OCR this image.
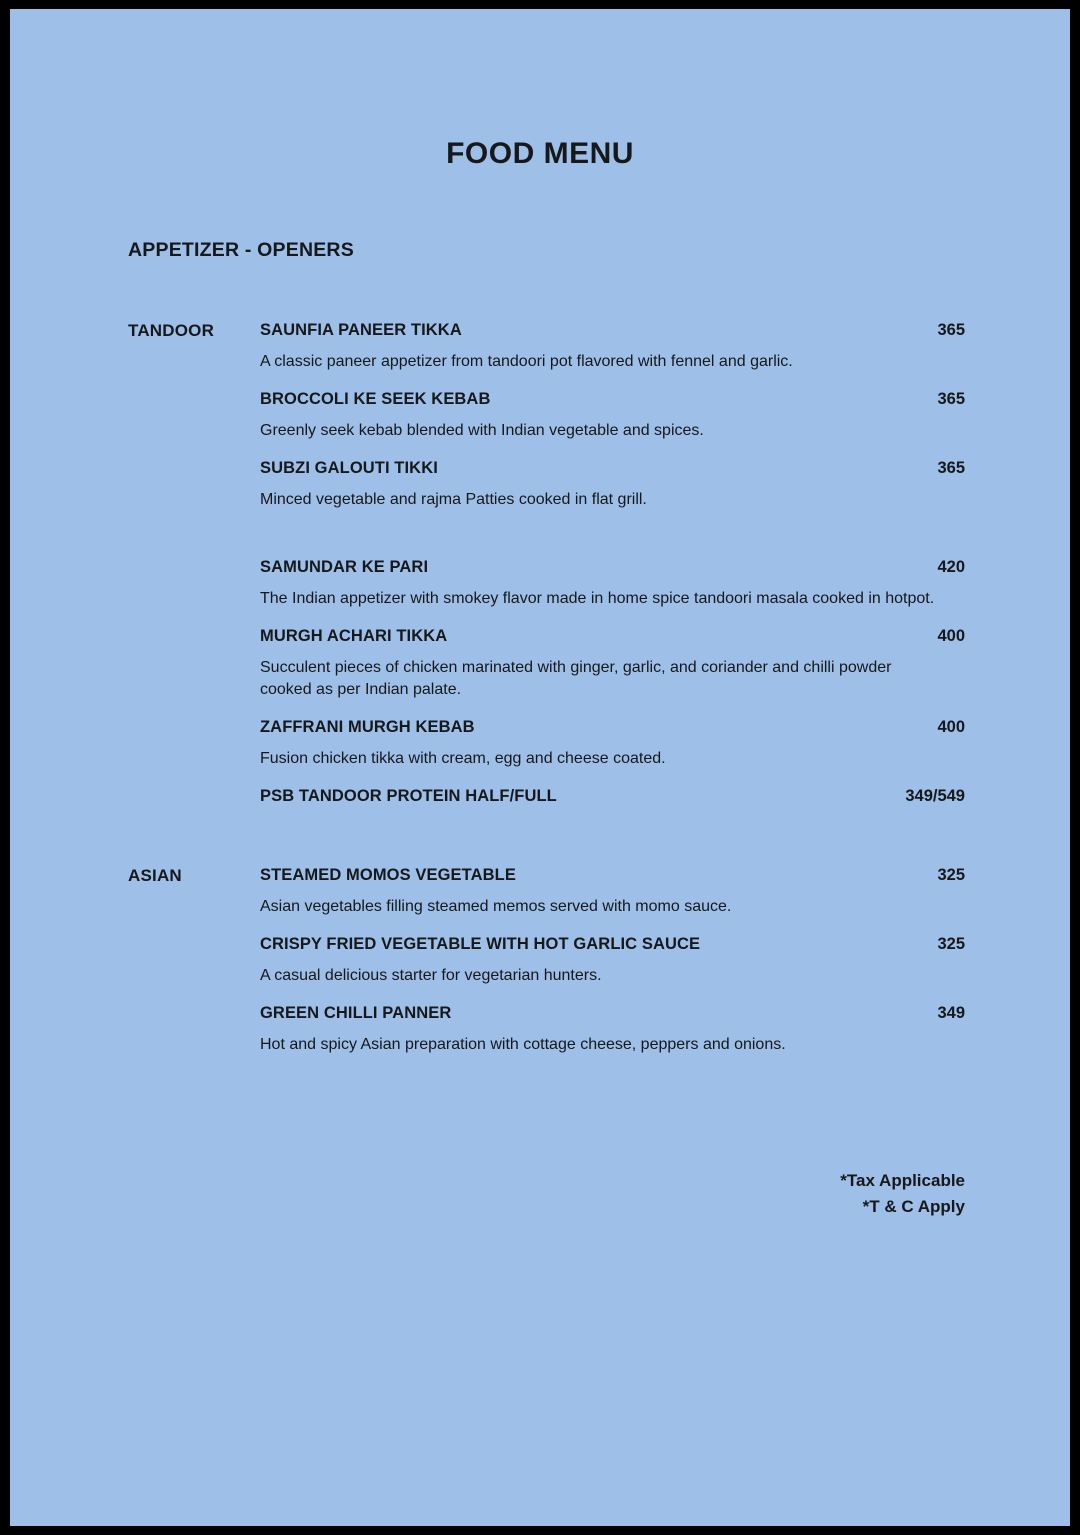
FOOD MENU
APPETIZER - OPENERS
TANDOOR	SAUNFIA PANEER TIKKA	365
A classic paneer appetizer from tandoori pot flavored with fennel and garlic.
BROCCOLI KE SEEK KEBAB	365
Greenly seek kebab blended with Indian vegetable and spices.
SUBZI GALOUTI TIKKI	365
Minced vegetable and rajma Patties cooked in flat grill.
SAMUNDAR KE PARI	420
The Indian appetizer with smokey flavor made in home spice tandoori masala cooked in hotpot.
MURGH ACHARI TIKKA	400
Succulent pieces of chicken marinated with ginger, garlic, and coriander and chilli powder cooked as per Indian palate.
ZAFFRANI MURGH KEBAB	400
Fusion chicken tikka with cream, egg and cheese coated.
PSB TANDOOR PROTEIN HALF/FULL	349/549
ASIAN	STEAMED MOMOS VEGETABLE	325
Asian vegetables filling steamed memos served with momo sauce.
CRISPY FRIED VEGETABLE WITH HOT GARLIC SAUCE	325
A casual delicious starter for vegetarian hunters.
GREEN CHILLI PANNER	349
Hot and spicy Asian preparation with cottage cheese, peppers and onions.
*Tax Applicable
*T & C Apply
